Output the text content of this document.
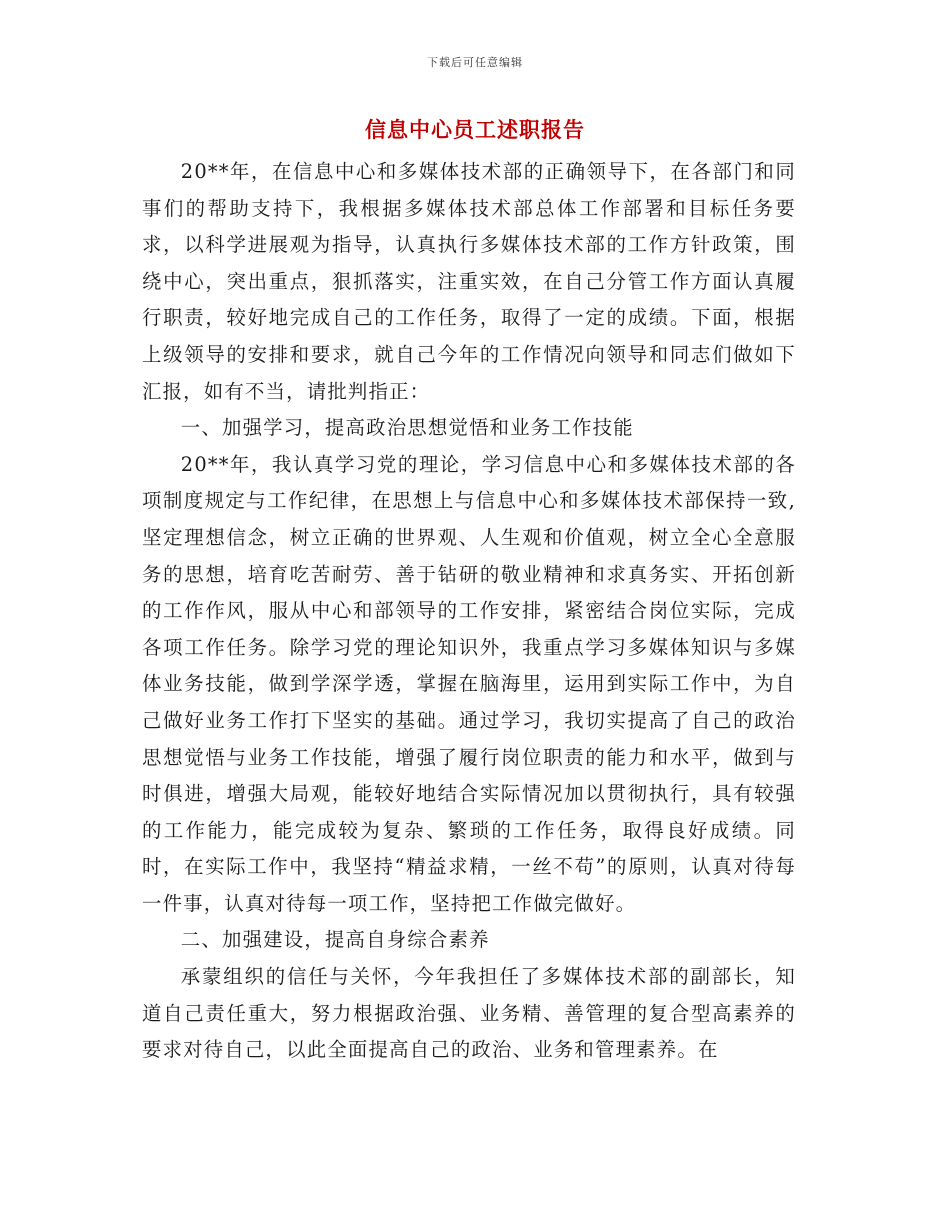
下载后可任意编辑
信息中心员工述职报告

20**年，在信息中心和多媒体技术部的正确领导下，在各部门和同事们的帮助支持下，我根据多媒体技术部总体工作部署和目标任务要求，以科学进展观为指导，认真执行多媒体技术部的工作方针政策，围绕中心，突出重点，狠抓落实，注重实效，在自己分管工作方面认真履行职责，较好地完成自己的工作任务，取得了一定的成绩。下面，根据上级领导的安排和要求，就自己今年的工作情况向领导和同志们做如下汇报，如有不当，请批判指正：

一、加强学习，提高政治思想觉悟和业务工作技能

20**年，我认真学习党的理论，学习信息中心和多媒体技术部的各项制度规定与工作纪律，在思想上与信息中心和多媒体技术部保持一致,坚定理想信念，树立正确的世界观、人生观和价值观，树立全心全意服务的思想，培育吃苦耐劳、善于钻研的敬业精神和求真务实、开拓创新的工作作风，服从中心和部领导的工作安排，紧密结合岗位实际，完成各项工作任务。除学习党的理论知识外，我重点学习多媒体知识与多媒体业务技能，做到学深学透，掌握在脑海里，运用到实际工作中，为自己做好业务工作打下坚实的基础。通过学习，我切实提高了自己的政治思想觉悟与业务工作技能，增强了履行岗位职责的能力和水平，做到与时俱进，增强大局观，能较好地结合实际情况加以贯彻执行，具有较强的工作能力，能完成较为复杂、繁琐的工作任务，取得良好成绩。同时，在实际工作中，我坚持“精益求精，一丝不苟”的原则，认真对待每一件事，认真对待每一项工作，坚持把工作做完做好。

二、加强建设，提高自身综合素养

承蒙组织的信任与关怀，今年我担任了多媒体技术部的副部长，知道自己责任重大，努力根据政治强、业务精、善管理的复合型高素养的要求对待自己，以此全面提高自己的政治、业务和管理素养。在
